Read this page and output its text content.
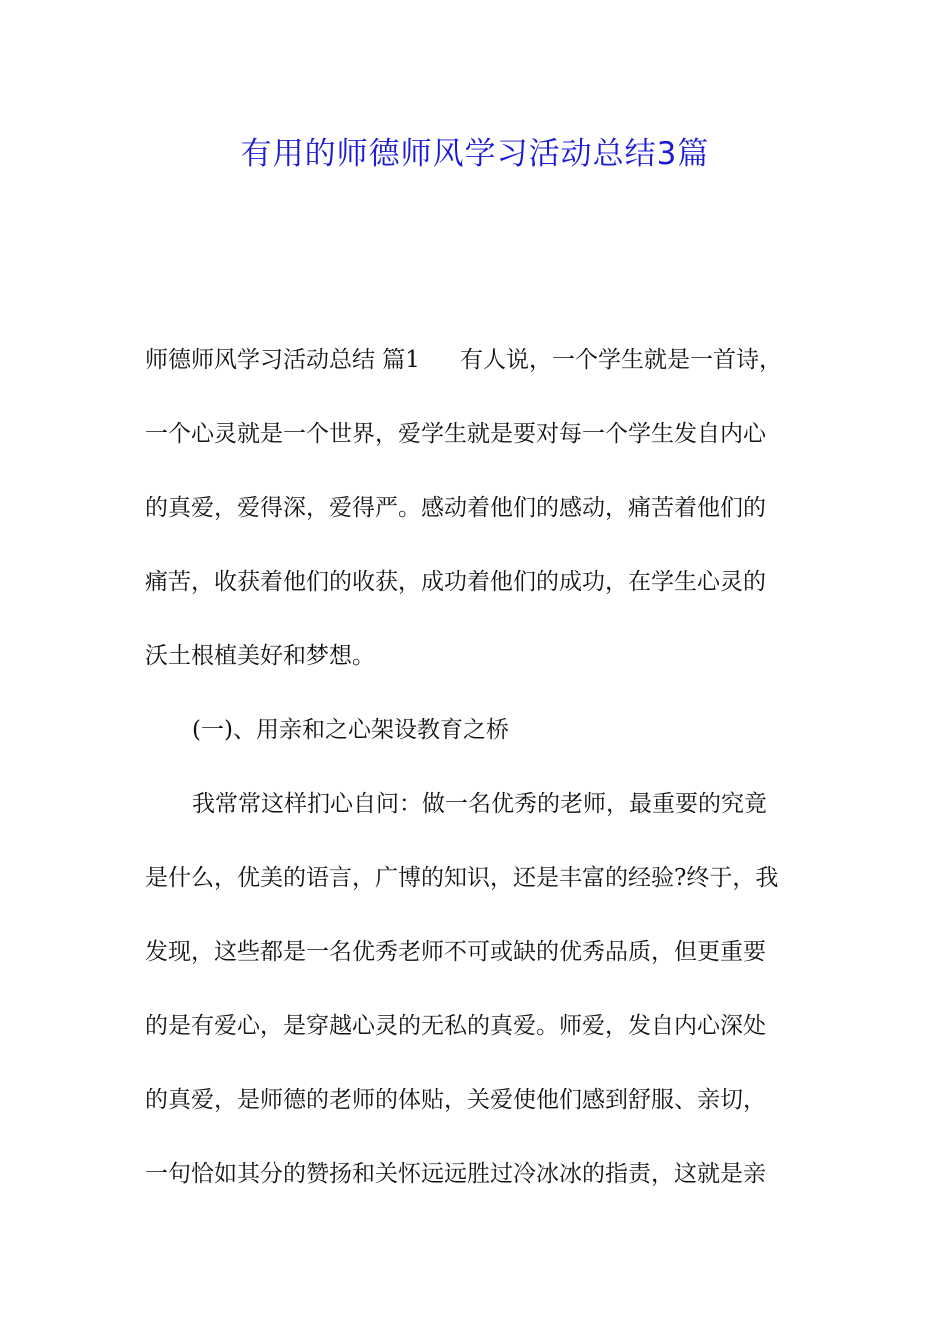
有用的师德师风学习活动总结3篇
师德师风学习活动总结 篇1 有人说，一个学生就是一首诗，
一个心灵就是一个世界，爱学生就是要对每一个学生发自内心
的真爱，爱得深，爱得严。感动着他们的感动，痛苦着他们的
痛苦，收获着他们的收获，成功着他们的成功，在学生心灵的
沃土根植美好和梦想。
(一)、用亲和之心架设教育之桥
我常常这样扪心自问：做一名优秀的老师，最重要的究竟
是什么，优美的语言，广博的知识，还是丰富的经验?终于，我
发现，这些都是一名优秀老师不可或缺的优秀品质，但更重要
的是有爱心，是穿越心灵的无私的真爱。师爱，发自内心深处
的真爱，是师德的老师的体贴，关爱使他们感到舒服、亲切，
一句恰如其分的赞扬和关怀远远胜过冷冰冰的指责，这就是亲
